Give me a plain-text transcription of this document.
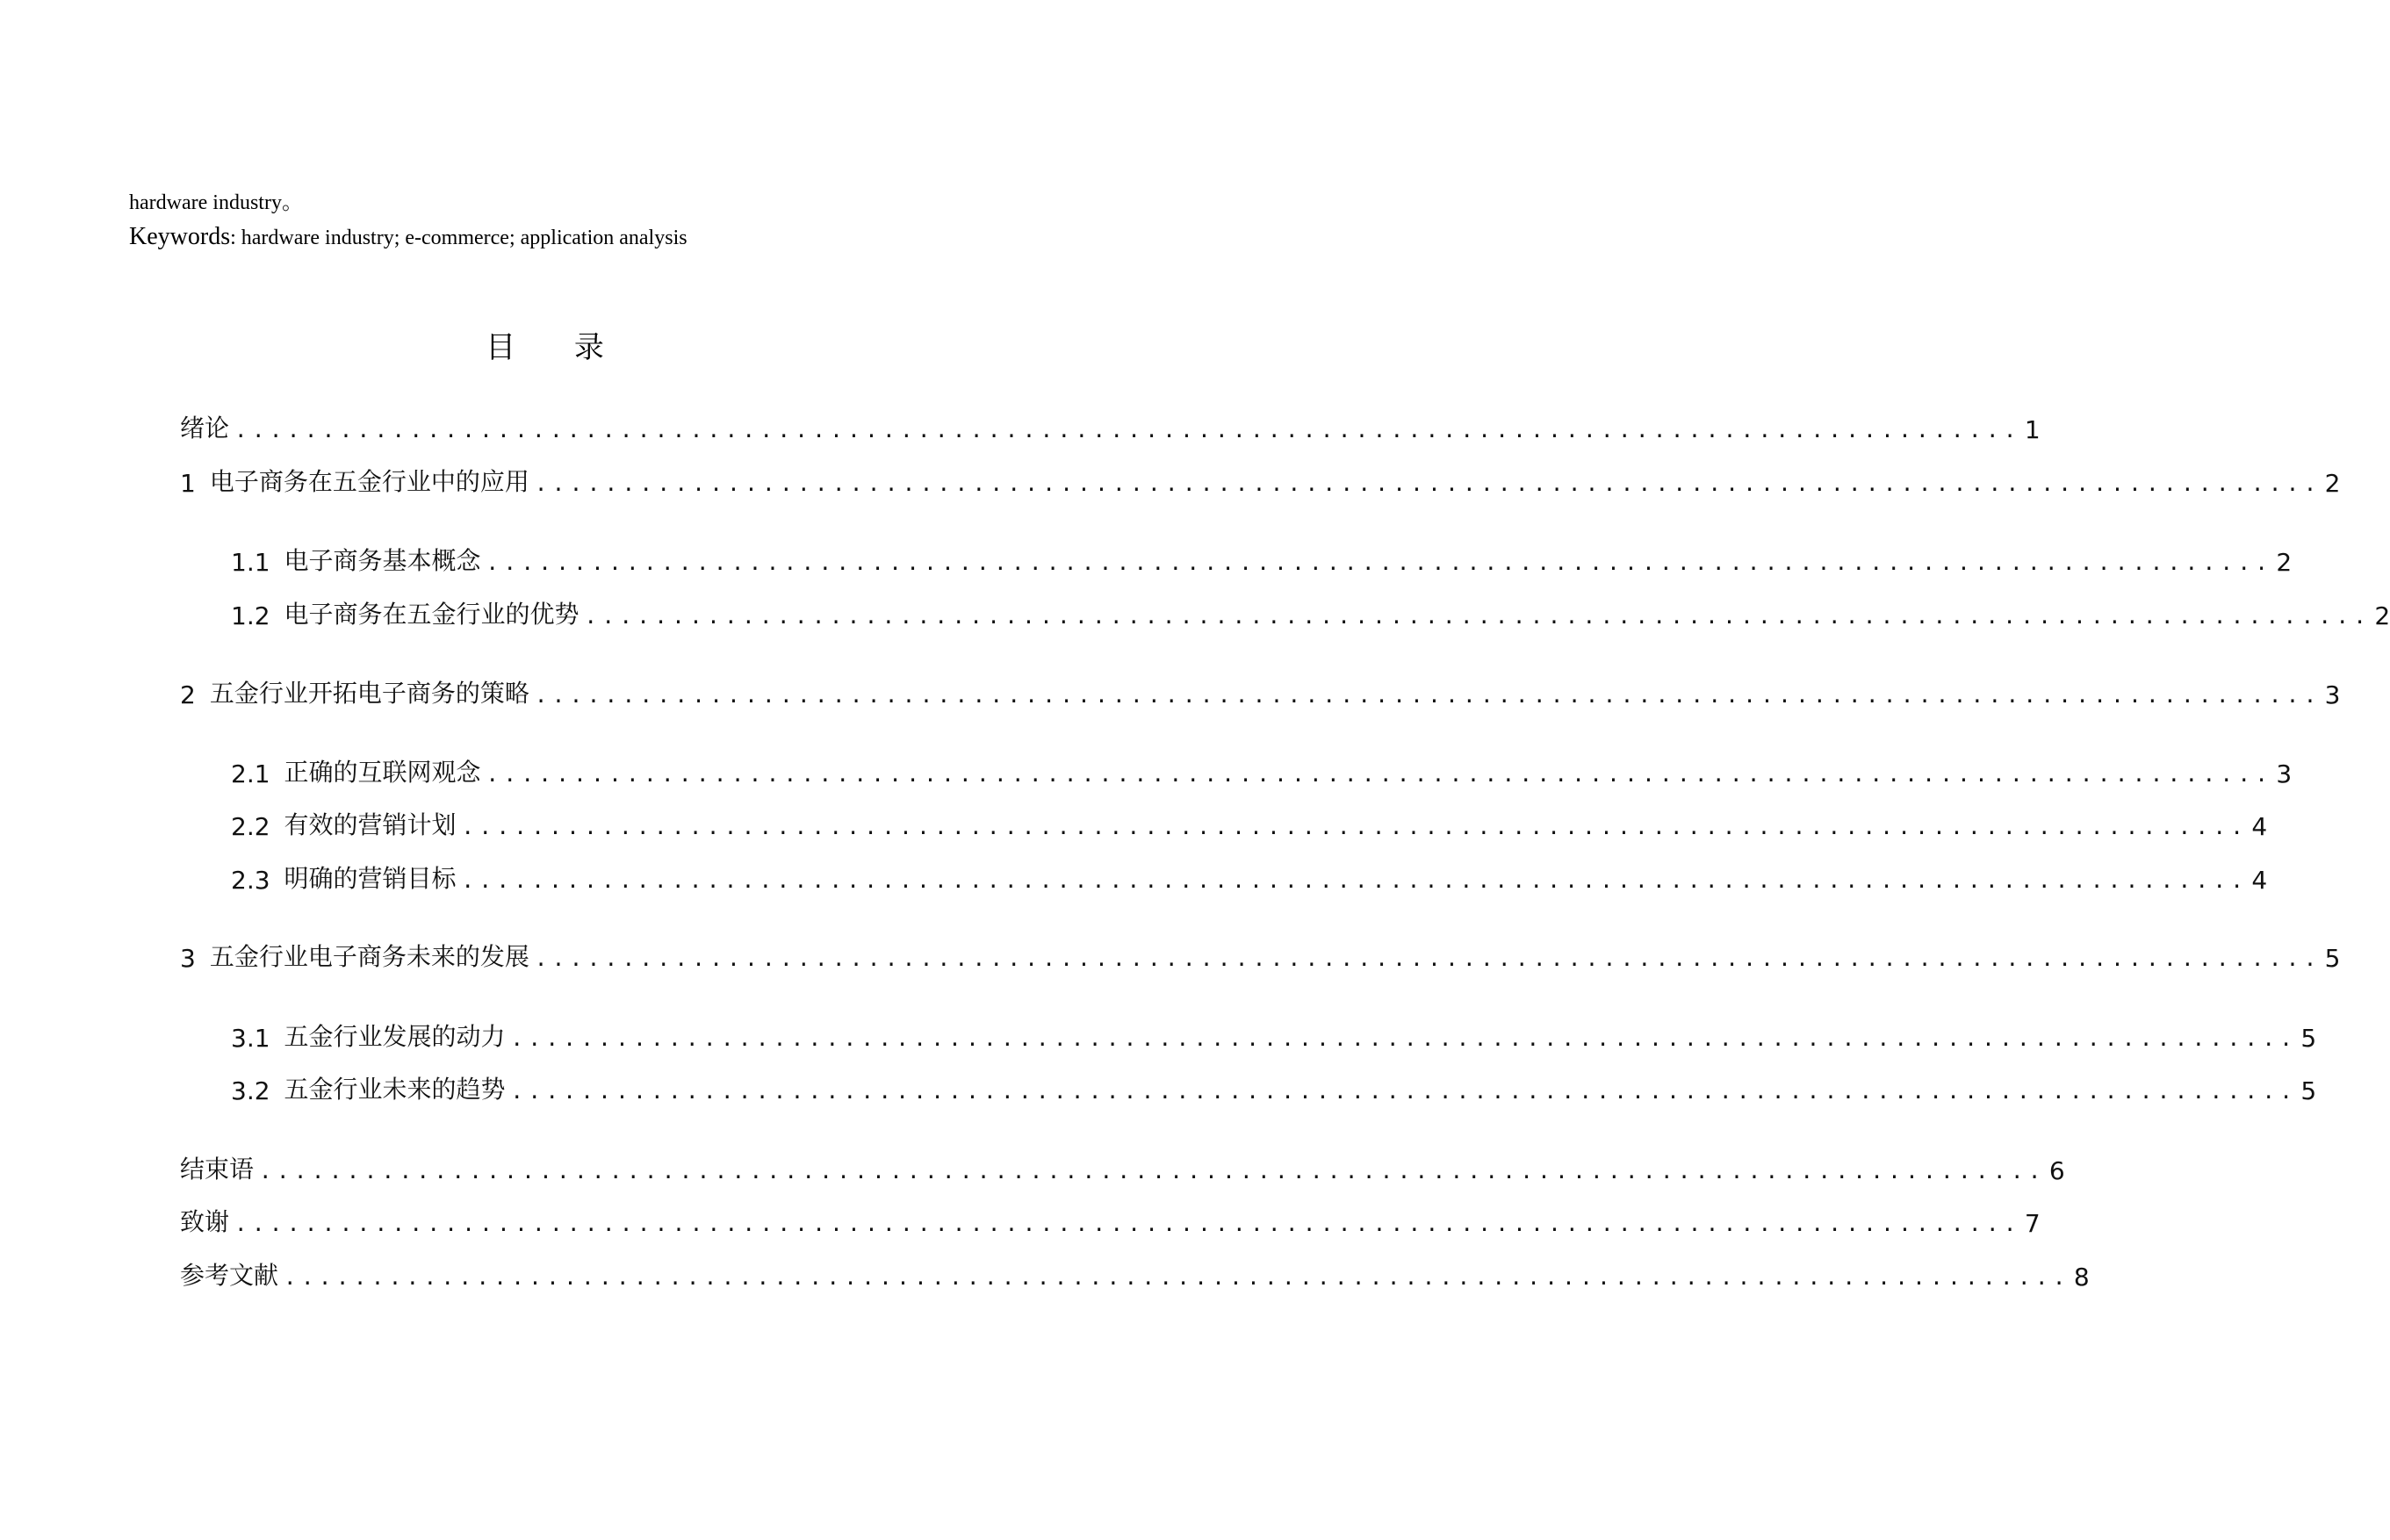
hardware industry。
Keywords: hardware industry; e-commerce; application analysis
目 录
绪论 ...................................................................................................... 1
1 电子商务在五金行业中的应用 ...................................................................................................... 2
1.1 电子商务基本概念 ...................................................................................................... 2
1.2 电子商务在五金行业的优势 ...................................................................................................... 2
2 五金行业开拓电子商务的策略 ...................................................................................................... 3
2.1 正确的互联网观念 ...................................................................................................... 3
2.2 有效的营销计划 ...................................................................................................... 4
2.3 明确的营销目标 ...................................................................................................... 4
3 五金行业电子商务未来的发展 ...................................................................................................... 5
3.1 五金行业发展的动力 ...................................................................................................... 5
3.2 五金行业未来的趋势 ...................................................................................................... 5
结束语 ...................................................................................................... 6
致谢 ...................................................................................................... 7
参考文献 ...................................................................................................... 8
